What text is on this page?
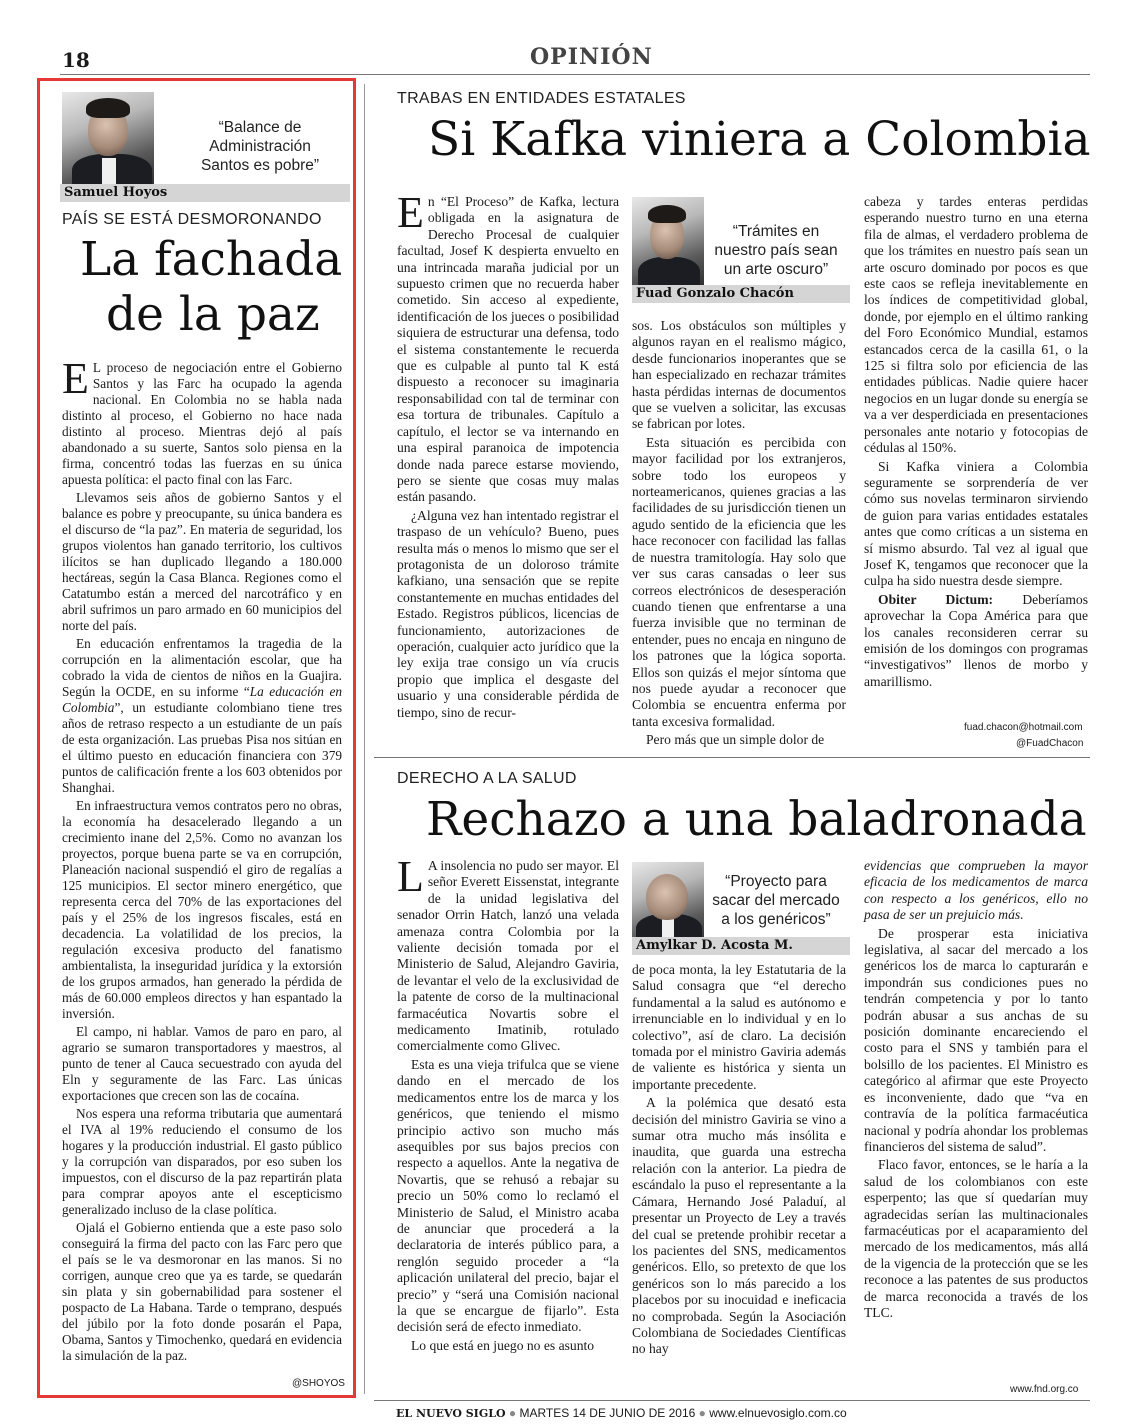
18	OPINIÓN
“Balance de Administración Santos es pobre”
Samuel Hoyos
PAÍS SE ESTÁ DESMORONANDO
La fachada
de la paz

E L proceso de negociación entre el Gobierno Santos y las Farc ha ocupado la agenda nacional. En Colombia no se habla nada distinto al proceso, el Gobierno no hace nada distinto al proceso. Mientras dejó al país abandonado a su suerte, Santos solo piensa en la firma, concentró todas las fuerzas en su única apuesta política: el pacto final con las Farc.

Llevamos seis años de gobierno Santos y el balance es pobre y preocupante, su única bandera es el discurso de “la paz”. En materia de seguridad, los grupos violentos han ganado territorio, los cultivos ilícitos se han duplicado llegando a 180.000 hectáreas, según la Casa Blanca. Regiones como el Catatumbo están a merced del narcotráfico y en abril sufrimos un paro armado en 60 municipios del norte del país.

En educación enfrentamos la tragedia de la corrupción en la alimentación escolar, que ha cobrado la vida de cientos de niños en la Guajira. Según la OCDE, en su informe “La educación en Colombia”, un estudiante colombiano tiene tres años de retraso respecto a un estudiante de un país de esta organización. Las pruebas Pisa nos sitúan en el último puesto en educación financiera con 379 puntos de calificación frente a los 603 obtenidos por Shanghai.

En infraestructura vemos contratos pero no obras, la economía ha desacelerado llegando a un crecimiento inane del 2,5%. Como no avanzan los proyectos, porque buena parte se va en corrupción, Planeación nacional suspendió el giro de regalías a 125 municipios. El sector minero energético, que representa cerca del 70% de las exportaciones del país y el 25% de los ingresos fiscales, está en decadencia. La volatilidad de los precios, la regulación excesiva producto del fanatismo ambientalista, la inseguridad jurídica y la extorsión de los grupos armados, han generado la pérdida de más de 60.000 empleos directos y han espantado la inversión.

El campo, ni hablar. Vamos de paro en paro, al agrario se sumaron transportadores y maestros, al punto de tener al Cauca secuestrado con ayuda del Eln y seguramente de las Farc. Las únicas exportaciones que crecen son las de cocaína.

Nos espera una reforma tributaria que aumentará el IVA al 19% reduciendo el consumo de los hogares y la producción industrial. El gasto público y la corrupción van disparados, por eso suben los impuestos, con el discurso de la paz repartirán plata para comprar apoyos ante el escepticismo generalizado incluso de la clase política.

Ojalá el Gobierno entienda que a este paso solo conseguirá la firma del pacto con las Farc pero que el país se le va desmoronar en las manos. Si no corrigen, aunque creo que ya es tarde, se quedarán sin plata y sin gobernabilidad para sostener el pospacto de La Habana. Tarde o temprano, después del júbilo por la foto donde posarán el Papa, Obama, Santos y Timochenko, quedará en evidencia la simulación de la paz.

@SHOYOS
TRABAS EN ENTIDADES ESTATALES
Si Kafka viniera a Colombia
“Trámites en nuestro país sean un arte oscuro”
Fuad Gonzalo Chacón

En “El Proceso” de Kafka, lectura obligada en la asignatura de Derecho Procesal de cualquier facultad, Josef K despierta envuelto en una intrincada maraña judicial por un supuesto crimen que no recuerda haber cometido. Sin acceso al expediente, identificación de los jueces o posibilidad siquiera de estructurar una defensa, todo el sistema constantemente le recuerda que es culpable al punto tal K está dispuesto a reconocer su imaginaria responsabilidad con tal de terminar con esa tortura de tribunales. Capítulo a capítulo, el lector se va internando en una espiral paranoica de impotencia donde nada parece estarse moviendo, pero se siente que cosas muy malas están pasando.

¿Alguna vez han intentado registrar el traspaso de un vehículo? Bueno, pues resulta más o menos lo mismo que ser el protagonista de un doloroso trámite kafkiano, una sensación que se repite constantemente en muchas entidades del Estado. Registros públicos, licencias de funcionamiento, autorizaciones de operación, cualquier acto jurídico que la ley exija trae consigo un vía crucis propio que implica el desgaste del usuario y una considerable pérdida de tiempo, sino de recur-

sos. Los obstáculos son múltiples y algunos rayan en el realismo mágico, desde funcionarios inoperantes que se han especializado en rechazar trámites hasta pérdidas internas de documentos que se vuelven a solicitar, las excusas se fabrican por lotes.

Esta situación es percibida con mayor facilidad por los extranjeros, sobre todo los europeos y norteamericanos, quienes gracias a las facilidades de su jurisdicción tienen un agudo sentido de la eficiencia que les hace reconocer con facilidad las fallas de nuestra tramitología. Hay solo que ver sus caras cansadas o leer sus correos electrónicos de desesperación cuando tienen que enfrentarse a una fuerza invisible que no terminan de entender, pues no encaja en ninguno de los patrones que la lógica soporta. Ellos son quizás el mejor síntoma que nos puede ayudar a reconocer que Colombia se encuentra enferma por tanta excesiva formalidad.

Pero más que un simple dolor de

cabeza y tardes enteras perdidas esperando nuestro turno en una eterna fila de almas, el verdadero problema de que los trámites en nuestro país sean un arte oscuro dominado por pocos es que este caos se refleja inevitablemente en los índices de competitividad global, donde, por ejemplo en el último ranking del Foro Económico Mundial, estamos estancados cerca de la casilla 61, o la 125 si filtra solo por eficiencia de las entidades públicas. Nadie quiere hacer negocios en un lugar donde su energía se va a ver desperdiciada en presentaciones personales ante notario y fotocopias de cédulas al 150%.

Si Kafka viniera a Colombia seguramente se sorprendería de ver cómo sus novelas terminaron sirviendo de guion para varias entidades estatales antes que como críticas a un sistema en sí mismo absurdo. Tal vez al igual que Josef K, tengamos que reconocer que la culpa ha sido nuestra desde siempre.

Obiter Dictum: Deberíamos aprovechar la Copa América para que los canales reconsideren cerrar su emisión de los domingos con programas “investigativos” llenos de morbo y amarillismo.

fuad.chacon@hotmail.com
@FuadChacon
DERECHO A LA SALUD
Rechazo a una baladronada
“Proyecto para sacar del mercado a los genéricos”
Amylkar D. Acosta M.

L A insolencia no pudo ser mayor. El señor Everett Eissenstat, integrante de la unidad legislativa del senador Orrin Hatch, lanzó una velada amenaza contra Colombia por la valiente decisión tomada por el Ministerio de Salud, Alejandro Gaviria, de levantar el velo de la exclusividad de la patente de corso de la multinacional farmacéutica Novartis sobre el medicamento Imatinib, rotulado comercialmente como Glivec.

Esta es una vieja trifulca que se viene dando en el mercado de los medicamentos entre los de marca y los genéricos, que teniendo el mismo principio activo son mucho más asequibles por sus bajos precios con respecto a aquellos. Ante la negativa de Novartis, que se rehusó a rebajar su precio un 50% como lo reclamó el Ministerio de Salud, el Ministro acaba de anunciar que procederá a la declaratoria de interés público para, a renglón seguido proceder a “la aplicación unilateral del precio, bajar el precio” y “será una Comisión nacional la que se encargue de fijarlo”. Esta decisión será de efecto inmediato.

Lo que está en juego no es asunto

de poca monta, la ley Estatutaria de la Salud consagra que “el derecho fundamental a la salud es autónomo e irrenunciable en lo individual y en lo colectivo”, así de claro. La decisión tomada por el ministro Gaviria además de valiente es histórica y sienta un importante precedente.

A la polémica que desató esta decisión del ministro Gaviria se vino a sumar otra mucho más insólita e inaudita, que guarda una estrecha relación con la anterior. La piedra de escándalo la puso el representante a la Cámara, Hernando José Paladuí, al presentar un Proyecto de Ley a través del cual se pretende prohibir recetar a los pacientes del SNS, medicamentos genéricos. Ello, so pretexto de que los genéricos son lo más parecido a los placebos por su inocuidad e ineficacia no comprobada. Según la Asociación Colombiana de Sociedades Científicas no hay

evidencias que comprueben la mayor eficacia de los medicamentos de marca con respecto a los genéricos, ello no pasa de ser un prejuicio más.

De prosperar esta iniciativa legislativa, al sacar del mercado a los genéricos los de marca lo capturarán e impondrán sus condiciones pues no tendrán competencia y por lo tanto podrán abusar a sus anchas de su posición dominante encareciendo el costo para el SNS y también para el bolsillo de los pacientes. El Ministro es categórico al afirmar que este Proyecto es inconveniente, dado que “va en contravía de la política farmacéutica nacional y podría ahondar los problemas financieros del sistema de salud”.

Flaco favor, entonces, se le haría a la salud de los colombianos con este esperpento; las que sí quedarían muy agradecidas serían las multinacionales farmacéuticas por el acaparamiento del mercado de los medicamentos, más allá de la vigencia de la protección que se les reconoce a las patentes de sus productos de marca reconocida a través de los TLC.

www.fnd.org.co
EL NUEVO SIGLO ● MARTES 14 DE JUNIO DE 2016 ● www.elnuevosiglo.com.co
